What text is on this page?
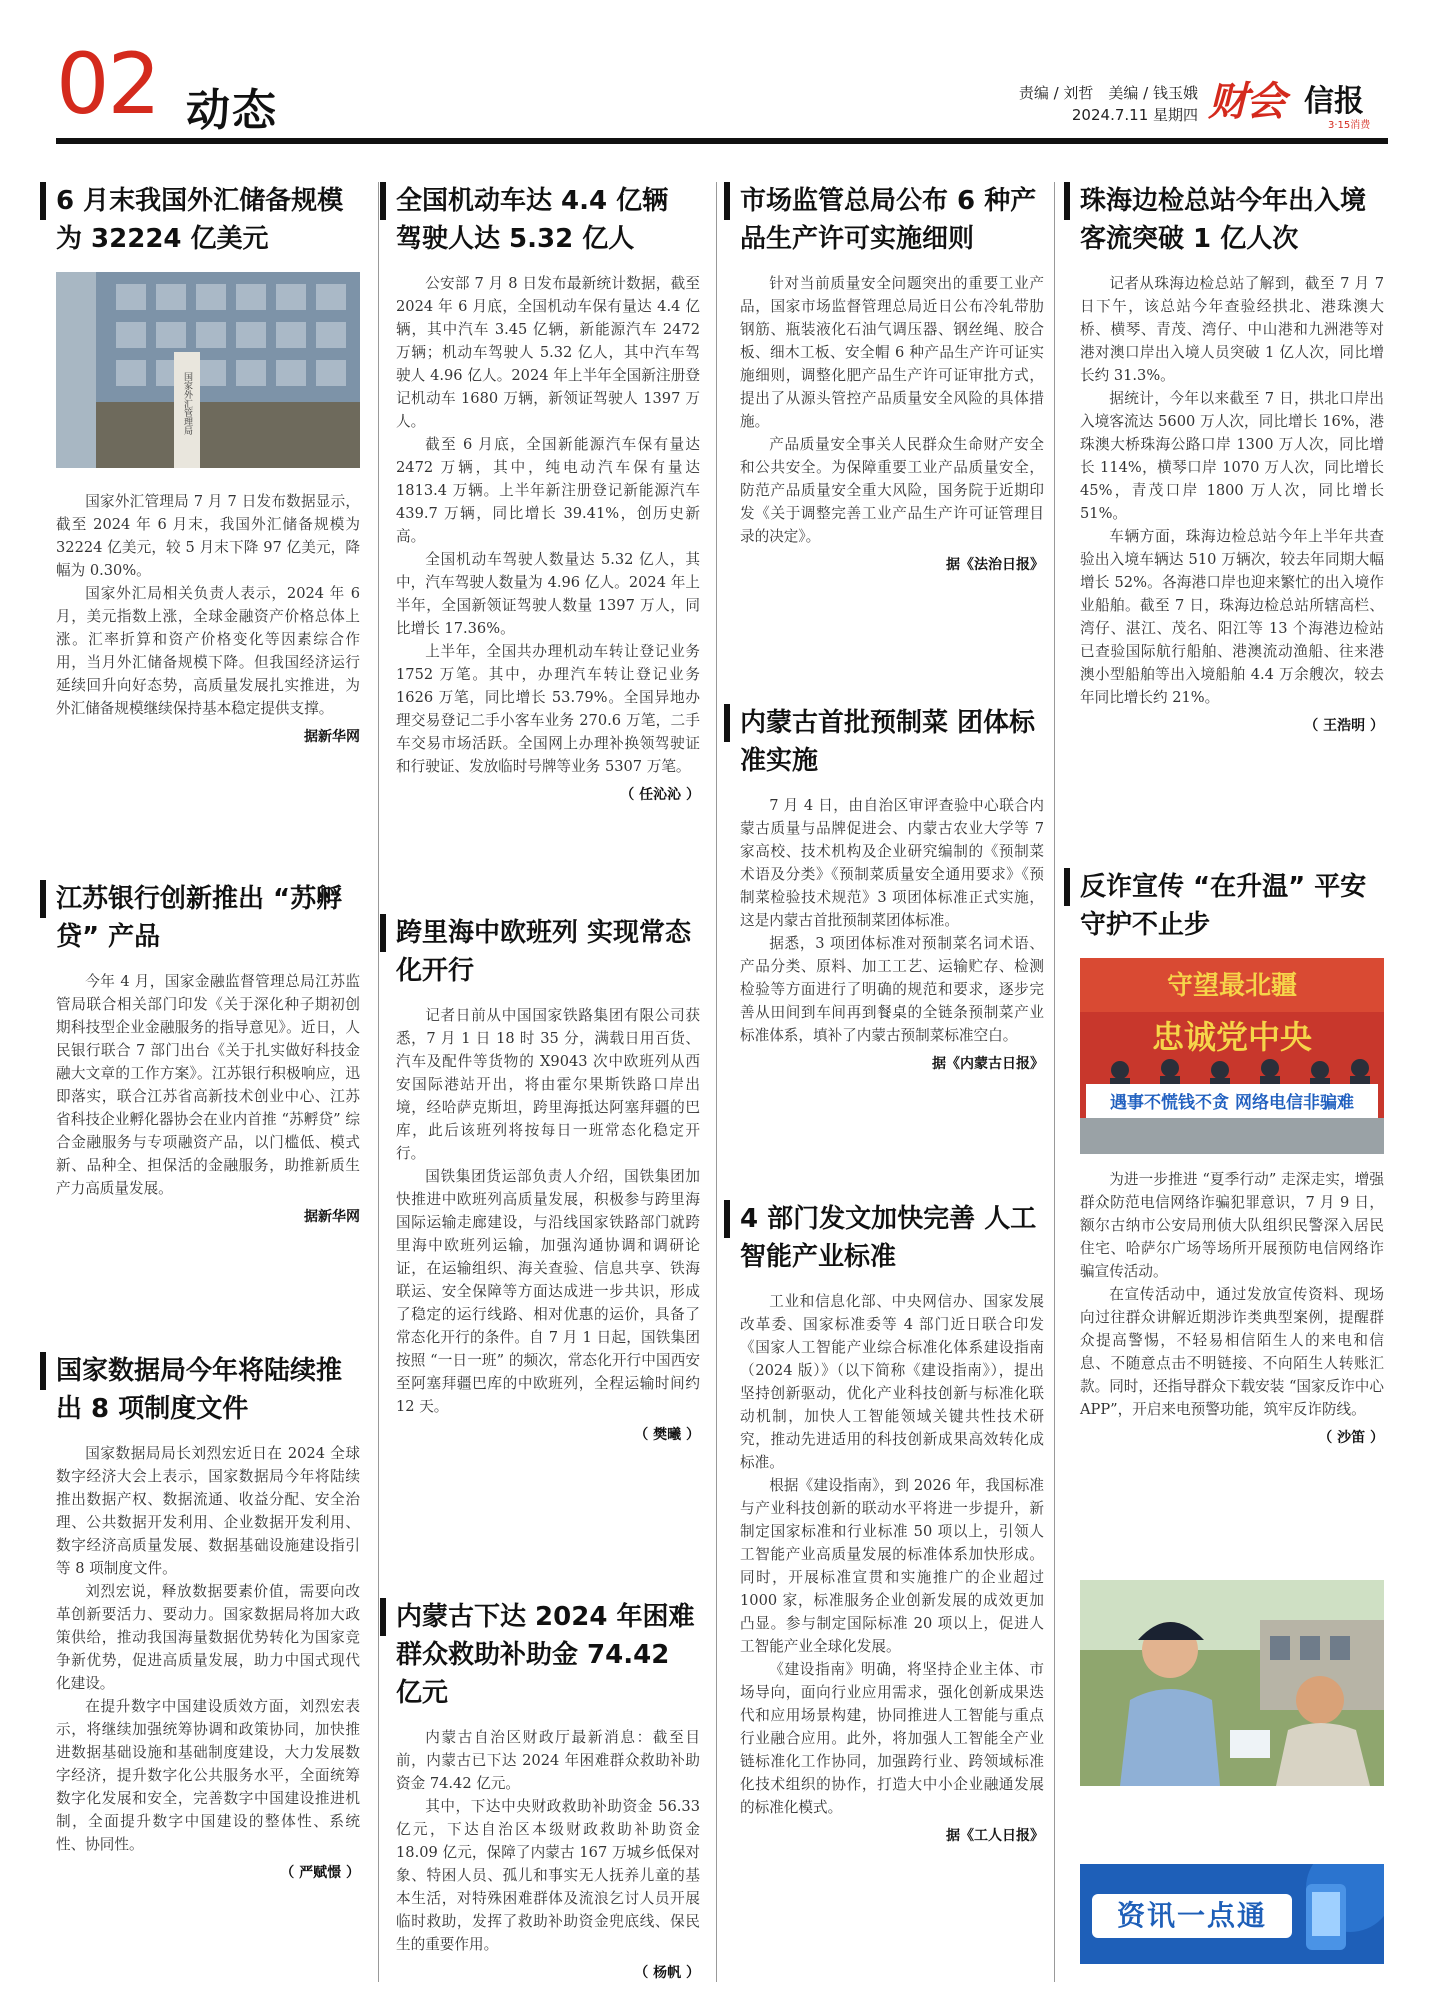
02 动态	责编 / 刘哲　美编 / 钱玉娥
2024.7.11 星期四 财会 信报
3·15消费
6 月末我国外汇储备规模为 32224 亿美元
国家外汇管理局

国家外汇管理局 7 月 7 日发布数据显示，截至 2024 年 6 月末，我国外汇储备规模为 32224 亿美元，较 5 月末下降 97 亿美元，降幅为 0.30%。

国家外汇局相关负责人表示，2024 年 6 月，美元指数上涨，全球金融资产价格总体上涨。汇率折算和资产价格变化等因素综合作用，当月外汇储备规模下降。但我国经济运行延续回升向好态势，高质量发展扎实推进，为外汇储备规模继续保持基本稳定提供支撑。

据新华网

江苏银行创新推出 “苏孵贷” 产品

今年 4 月，国家金融监督管理总局江苏监管局联合相关部门印发《关于深化种子期初创期科技型企业金融服务的指导意见》。近日，人民银行联合 7 部门出台《关于扎实做好科技金融大文章的工作方案》。江苏银行积极响应，迅即落实，联合江苏省高新技术创业中心、江苏省科技企业孵化器协会在业内首推 “苏孵贷” 综合金融服务与专项融资产品，以门槛低、模式新、品种全、担保活的金融服务，助推新质生产力高质量发展。

据新华网

国家数据局今年将陆续推出 8 项制度文件

国家数据局局长刘烈宏近日在 2024 全球数字经济大会上表示，国家数据局今年将陆续推出数据产权、数据流通、收益分配、安全治理、公共数据开发利用、企业数据开发利用、数字经济高质量发展、数据基础设施建设指引等 8 项制度文件。

刘烈宏说，释放数据要素价值，需要向改革创新要活力、要动力。国家数据局将加大政策供给，推动我国海量数据优势转化为国家竞争新优势，促进高质量发展，助力中国式现代化建设。

在提升数字中国建设质效方面，刘烈宏表示，将继续加强统筹协调和政策协同，加快推进数据基础设施和基础制度建设，大力发展数字经济，提升数字化公共服务水平，全面统筹数字化发展和安全，完善数字中国建设推进机制，全面提升数字中国建设的整体性、系统性、协同性。

（ 严赋憬 ）

全国机动车达 4.4 亿辆 驾驶人达 5.32 亿人

公安部 7 月 8 日发布最新统计数据，截至 2024 年 6 月底，全国机动车保有量达 4.4 亿辆，其中汽车 3.45 亿辆，新能源汽车 2472 万辆；机动车驾驶人 5.32 亿人，其中汽车驾驶人 4.96 亿人。2024 年上半年全国新注册登记机动车 1680 万辆，新领证驾驶人 1397 万人。

截至 6 月底，全国新能源汽车保有量达 2472 万辆，其中，纯电动汽车保有量达 1813.4 万辆。上半年新注册登记新能源汽车 439.7 万辆，同比增长 39.41%，创历史新高。

全国机动车驾驶人数量达 5.32 亿人，其中，汽车驾驶人数量为 4.96 亿人。2024 年上半年，全国新领证驾驶人数量 1397 万人，同比增长 17.36%。

上半年，全国共办理机动车转让登记业务 1752 万笔。其中，办理汽车转让登记业务 1626 万笔，同比增长 53.79%。全国异地办理交易登记二手小客车业务 270.6 万笔，二手车交易市场活跃。全国网上办理补换领驾驶证和行驶证、发放临时号牌等业务 5307 万笔。

（ 任沁沁 ）

跨里海中欧班列 实现常态化开行

记者日前从中国国家铁路集团有限公司获悉，7 月 1 日 18 时 35 分，满载日用百货、汽车及配件等货物的 X9043 次中欧班列从西安国际港站开出，将由霍尔果斯铁路口岸出境，经哈萨克斯坦，跨里海抵达阿塞拜疆的巴库，此后该班列将按每日一班常态化稳定开行。

国铁集团货运部负责人介绍，国铁集团加快推进中欧班列高质量发展，积极参与跨里海国际运输走廊建设，与沿线国家铁路部门就跨里海中欧班列运输，加强沟通协调和调研论证，在运输组织、海关查验、信息共享、铁海联运、安全保障等方面达成进一步共识，形成了稳定的运行线路、相对优惠的运价，具备了常态化开行的条件。自 7 月 1 日起，国铁集团按照 “一日一班” 的频次，常态化开行中国西安至阿塞拜疆巴库的中欧班列，全程运输时间约 12 天。

（ 樊曦 ）

内蒙古下达 2024 年困难群众救助补助金 74.42 亿元

内蒙古自治区财政厅最新消息：截至目前，内蒙古已下达 2024 年困难群众救助补助资金 74.42 亿元。

其中，下达中央财政救助补助资金 56.33 亿元，下达自治区本级财政救助补助资金 18.09 亿元，保障了内蒙古 167 万城乡低保对象、特困人员、孤儿和事实无人抚养儿童的基本生活，对特殊困难群体及流浪乞讨人员开展临时救助，发挥了救助补助资金兜底线、保民生的重要作用。

（ 杨帆 ）

市场监管总局公布 6 种产品生产许可实施细则

针对当前质量安全问题突出的重要工业产品，国家市场监督管理总局近日公布冷轧带肋钢筋、瓶装液化石油气调压器、钢丝绳、胶合板、细木工板、安全帽 6 种产品生产许可证实施细则，调整化肥产品生产许可证审批方式，提出了从源头管控产品质量安全风险的具体措施。

产品质量安全事关人民群众生命财产安全和公共安全。为保障重要工业产品质量安全，防范产品质量安全重大风险，国务院于近期印发《关于调整完善工业产品生产许可证管理目录的决定》。

据《法治日报》

内蒙古首批预制菜 团体标准实施

7 月 4 日，由自治区审评查验中心联合内蒙古质量与品牌促进会、内蒙古农业大学等 7 家高校、技术机构及企业研究编制的《预制菜术语及分类》《预制菜质量安全通用要求》《预制菜检验技术规范》3 项团体标准正式实施，这是内蒙古首批预制菜团体标准。

据悉，3 项团体标准对预制菜名词术语、产品分类、原料、加工工艺、运输贮存、检测检验等方面进行了明确的规范和要求，逐步完善从田间到车间再到餐桌的全链条预制菜产业标准体系，填补了内蒙古预制菜标准空白。

据《内蒙古日报》

4 部门发文加快完善 人工智能产业标准

工业和信息化部、中央网信办、国家发展改革委、国家标准委等 4 部门近日联合印发《国家人工智能产业综合标准化体系建设指南（2024 版）》（以下简称《建设指南》），提出坚持创新驱动，优化产业科技创新与标准化联动机制，加快人工智能领域关键共性技术研究，推动先进适用的科技创新成果高效转化成标准。

根据《建设指南》，到 2026 年，我国标准与产业科技创新的联动水平将进一步提升，新制定国家标准和行业标准 50 项以上，引领人工智能产业高质量发展的标准体系加快形成。同时，开展标准宣贯和实施推广的企业超过 1000 家，标准服务企业创新发展的成效更加凸显。参与制定国际标准 20 项以上，促进人工智能产业全球化发展。

《建设指南》明确，将坚持企业主体、市场导向，面向行业应用需求，强化创新成果迭代和应用场景构建，协同推进人工智能与重点行业融合应用。此外，将加强人工智能全产业链标准化工作协同，加强跨行业、跨领域标准化技术组织的协作，打造大中小企业融通发展的标准化模式。

据《工人日报》

珠海边检总站今年出入境客流突破 1 亿人次

记者从珠海边检总站了解到，截至 7 月 7 日下午，该总站今年查验经拱北、港珠澳大桥、横琴、青茂、湾仔、中山港和九洲港等对港对澳口岸出入境人员突破 1 亿人次，同比增长约 31.3%。

据统计，今年以来截至 7 日，拱北口岸出入境客流达 5600 万人次，同比增长 16%，港珠澳大桥珠海公路口岸 1300 万人次，同比增长 114%，横琴口岸 1070 万人次，同比增长 45%，青茂口岸 1800 万人次，同比增长 51%。

车辆方面，珠海边检总站今年上半年共查验出入境车辆达 510 万辆次，较去年同期大幅增长 52%。各海港口岸也迎来繁忙的出入境作业船舶。截至 7 日，珠海边检总站所辖高栏、湾仔、湛江、茂名、阳江等 13 个海港边检站已查验国际航行船舶、港澳流动渔船、往来港澳小型船舶等出入境船舶 4.4 万余艘次，较去年同比增长约 21%。

（ 王浩明 ）

反诈宣传 “在升温” 平安守护不止步
守望最北疆
忠诚党中央
遇事不慌钱不贪 网络电信非骗难

为进一步推进 “夏季行动” 走深走实，增强群众防范电信网络诈骗犯罪意识，7 月 9 日，额尔古纳市公安局刑侦大队组织民警深入居民住宅、哈萨尔广场等场所开展预防电信网络诈骗宣传活动。

在宣传活动中，通过发放宣传资料、现场向过往群众讲解近期涉诈类典型案例，提醒群众提高警惕，不轻易相信陌生人的来电和信息、不随意点击不明链接、不向陌生人转账汇款。同时，还指导群众下载安装 “国家反诈中心 APP”，开启来电预警功能，筑牢反诈防线。

（ 沙笛 ）

资讯一点通
